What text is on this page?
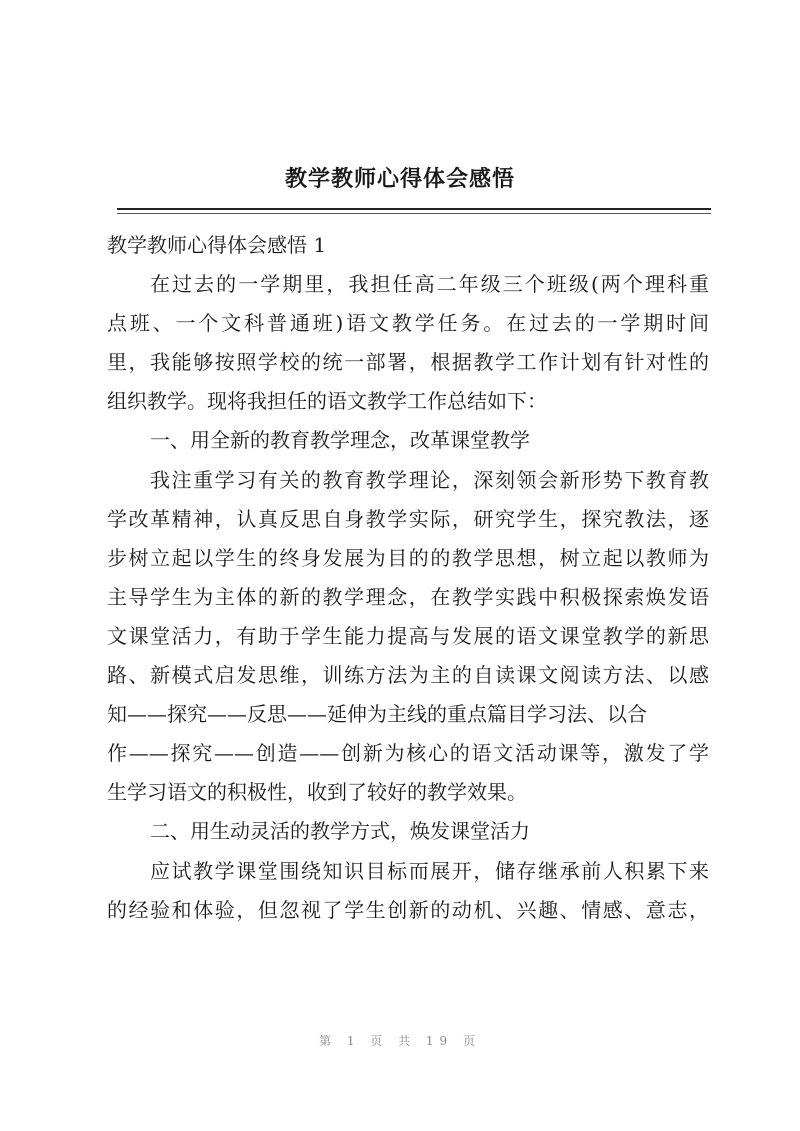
教学教师心得体会感悟
教学教师心得体会感悟 1
在过去的一学期里，我担任高二年级三个班级(两个理科重
点班、一个文科普通班)语文教学任务。在过去的一学期时间
里，我能够按照学校的统一部署，根据教学工作计划有针对性的
组织教学。现将我担任的语文教学工作总结如下：
一、用全新的教育教学理念，改革课堂教学
我注重学习有关的教育教学理论，深刻领会新形势下教育教
学改革精神，认真反思自身教学实际，研究学生，探究教法，逐
步树立起以学生的终身发展为目的的教学思想，树立起以教师为
主导学生为主体的新的教学理念，在教学实践中积极探索焕发语
文课堂活力，有助于学生能力提高与发展的语文课堂教学的新思
路、新模式启发思维，训练方法为主的自读课文阅读方法、以感
知——探究——反思——延伸为主线的重点篇目学习法、以合
作——探究——创造——创新为核心的语文活动课等，激发了学
生学习语文的积极性，收到了较好的教学效果。
二、用生动灵活的教学方式，焕发课堂活力
应试教学课堂围绕知识目标而展开，储存继承前人积累下来
的经验和体验，但忽视了学生创新的动机、兴趣、情感、意志，
第 1 页 共 19 页
